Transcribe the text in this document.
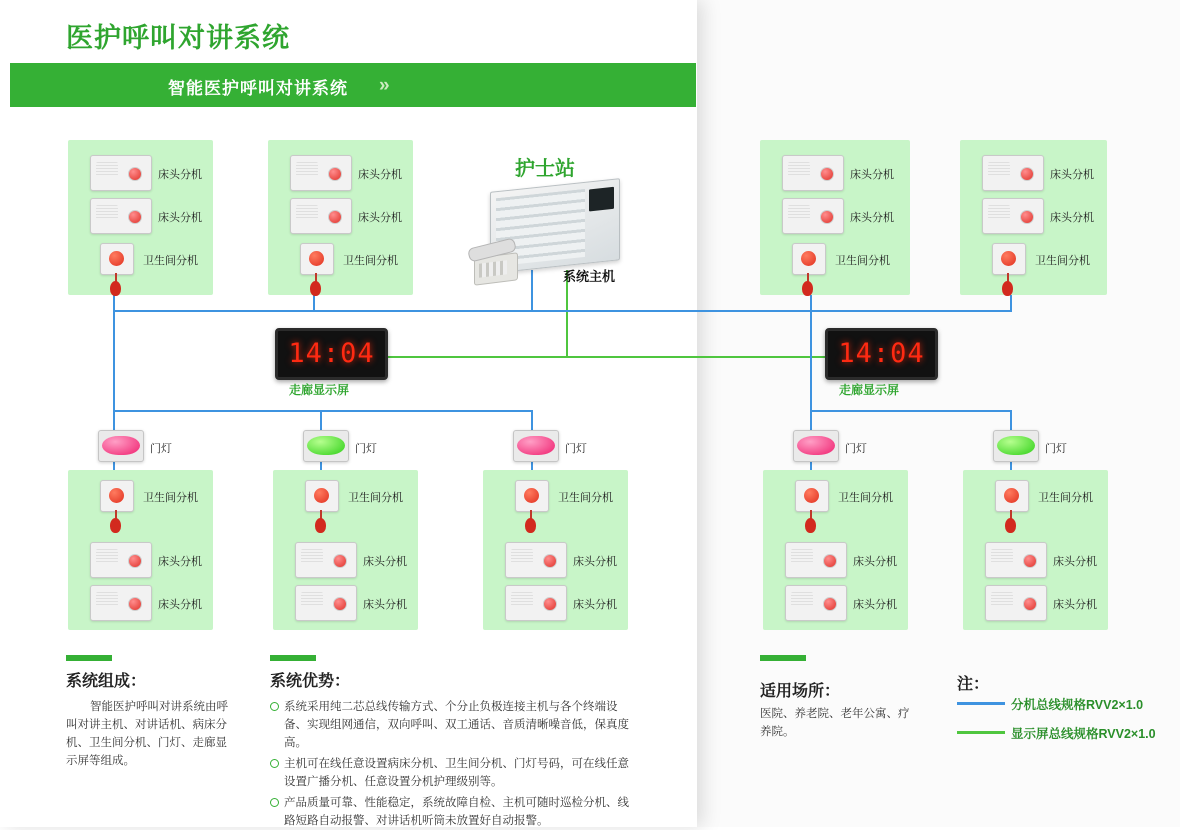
医护呼叫对讲系统
智能医护呼叫对讲系统 »
床头分机
床头分机
卫生间分机
床头分机
床头分机
卫生间分机
护士站
系统主机
床头分机
床头分机
卫生间分机
床头分机
床头分机
卫生间分机
14:04
走廊显示屏
14:04
走廊显示屏
门灯	门灯	门灯	门灯	门灯
卫生间分机
床头分机
床头分机
卫生间分机
床头分机
床头分机
卫生间分机
床头分机
床头分机
卫生间分机
床头分机
床头分机
卫生间分机
床头分机
床头分机
系统组成：
智能医护呼叫对讲系统由呼叫对讲主机、对讲话机、病床分机、卫生间分机、门灯、走廊显示屏等组成。
系统优势：
系统采用纯二芯总线传输方式、个分止负极连接主机与各个终端设备、实现组网通信，双向呼叫、双工通话、音质清晰噪音低，保真度高。
主机可在线任意设置病床分机、卫生间分机、门灯号码，可在线任意设置广播分机、任意设置分机护理级别等。
产品质量可靠、性能稳定，系统故障自检、主机可随时巡检分机、线路短路自动报警、对讲话机听筒未放置好自动报警。
适用场所：
医院、养老院、老年公寓、疗养院。
注：
分机总线规格RVV2×1.0
显示屏总线规格RVV2×1.0
